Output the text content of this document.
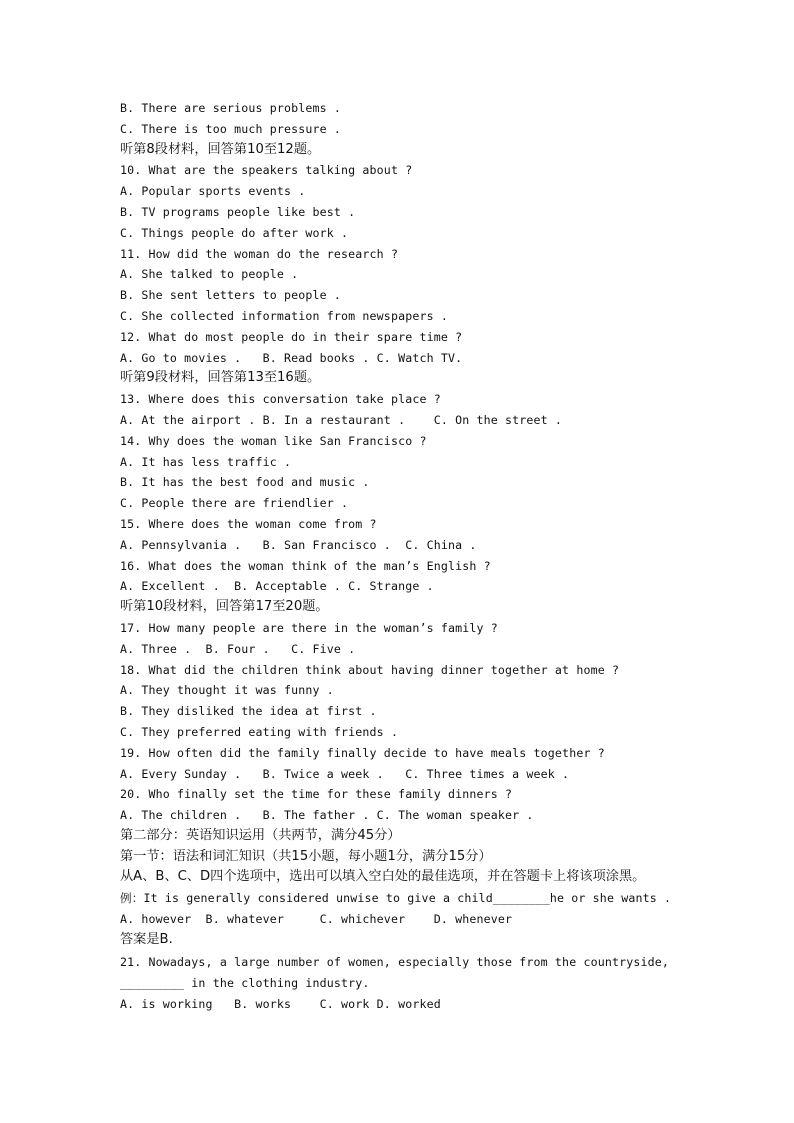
B. There are serious problems .
C. There is too much pressure .
听第8段材料，回答第10至12题。
10. What are the speakers talking about ?
A. Popular sports events .
B. TV programs people like best .
C. Things people do after work .
11. How did the woman do the research ?
A. She talked to people .
B. She sent letters to people .
C. She collected information from newspapers .
12. What do most people do in their spare time ?
A. Go to movies .   B. Read books . C. Watch TV.
听第9段材料，回答第13至16题。
13. Where does this conversation take place ?
A. At the airport . B. In a restaurant .    C. On the street .
14. Why does the woman like San Francisco ?
A. It has less traffic .
B. It has the best food and music .
C. People there are friendlier .
15. Where does the woman come from ?
A. Pennsylvania .   B. San Francisco .  C. China .
16. What does the woman think of the man’s English ?
A. Excellent .  B. Acceptable . C. Strange .
听第10段材料，回答第17至20题。
17. How many people are there in the woman’s family ?
A. Three .  B. Four .   C. Five .
18. What did the children think about having dinner together at home ?
A. They thought it was funny .
B. They disliked the idea at first .
C. They preferred eating with friends .
19. How often did the family finally decide to have meals together ?
A. Every Sunday .   B. Twice a week .   C. Three times a week .
20. Who finally set the time for these family dinners ?
A. The children .   B. The father . C. The woman speaker .
第二部分：英语知识运用（共两节，满分45分）
第一节：语法和词汇知识（共15小题，每小题1分，满分15分）
从A、B、C、D四个选项中，选出可以填入空白处的最佳选项，并在答题卡上将该项涂黑。
例：It is generally considered unwise to give a child________he or she wants .
A. however  B. whatever     C. whichever    D. whenever
答案是B.
21. Nowadays, a large number of women, especially those from the countryside,
_________ in the clothing industry.
A. is working   B. works    C. work D. worked
